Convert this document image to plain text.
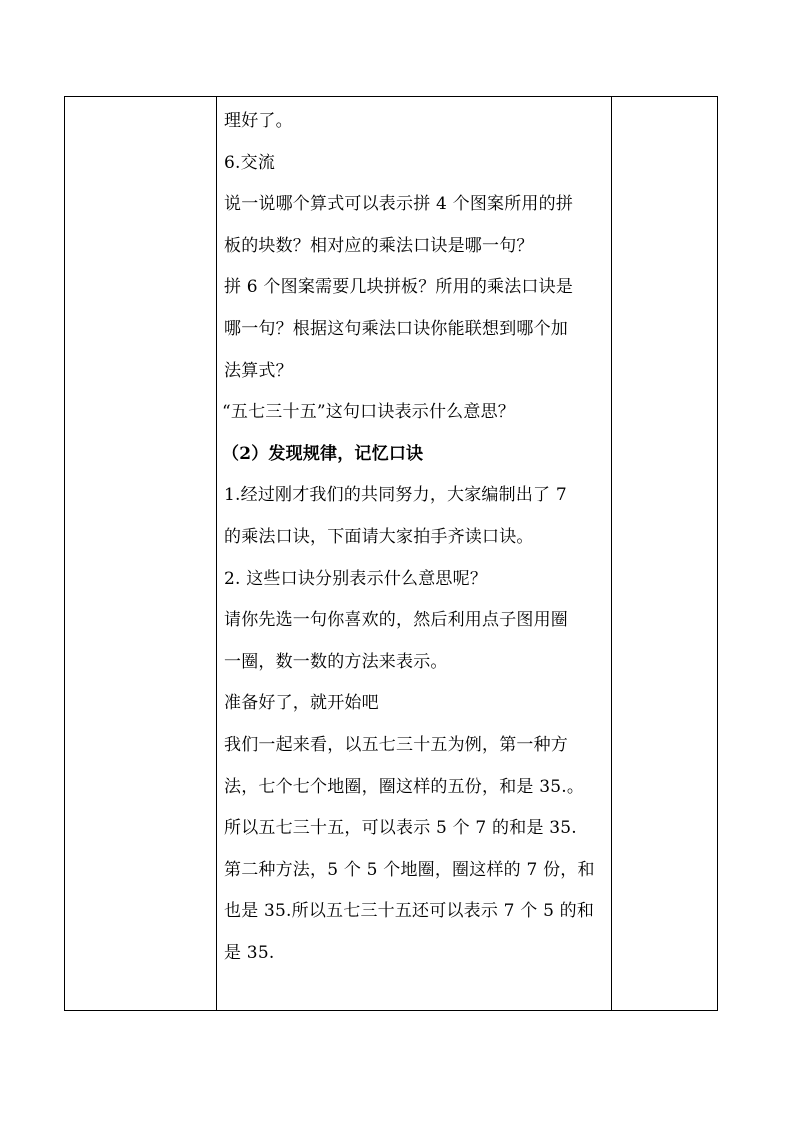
理好了。
6.交流
说一说哪个算式可以表示拼 4 个图案所用的拼
板的块数？相对应的乘法口诀是哪一句？
拼 6 个图案需要几块拼板？所用的乘法口诀是
哪一句？根据这句乘法口诀你能联想到哪个加
法算式？
“五七三十五”这句口诀表示什么意思？
（2）发现规律，记忆口诀
1.经过刚才我们的共同努力，大家编制出了 7
的乘法口诀，下面请大家拍手齐读口诀。
2. 这些口诀分别表示什么意思呢？
请你先选一句你喜欢的，然后利用点子图用圈
一圈，数一数的方法来表示。
准备好了，就开始吧
我们一起来看，以五七三十五为例，第一种方
法，七个七个地圈，圈这样的五份，和是 35.。
所以五七三十五，可以表示 5 个 7 的和是 35.
第二种方法，5 个 5 个地圈，圈这样的 7 份，和
也是 35.所以五七三十五还可以表示 7 个 5 的和
是 35.
